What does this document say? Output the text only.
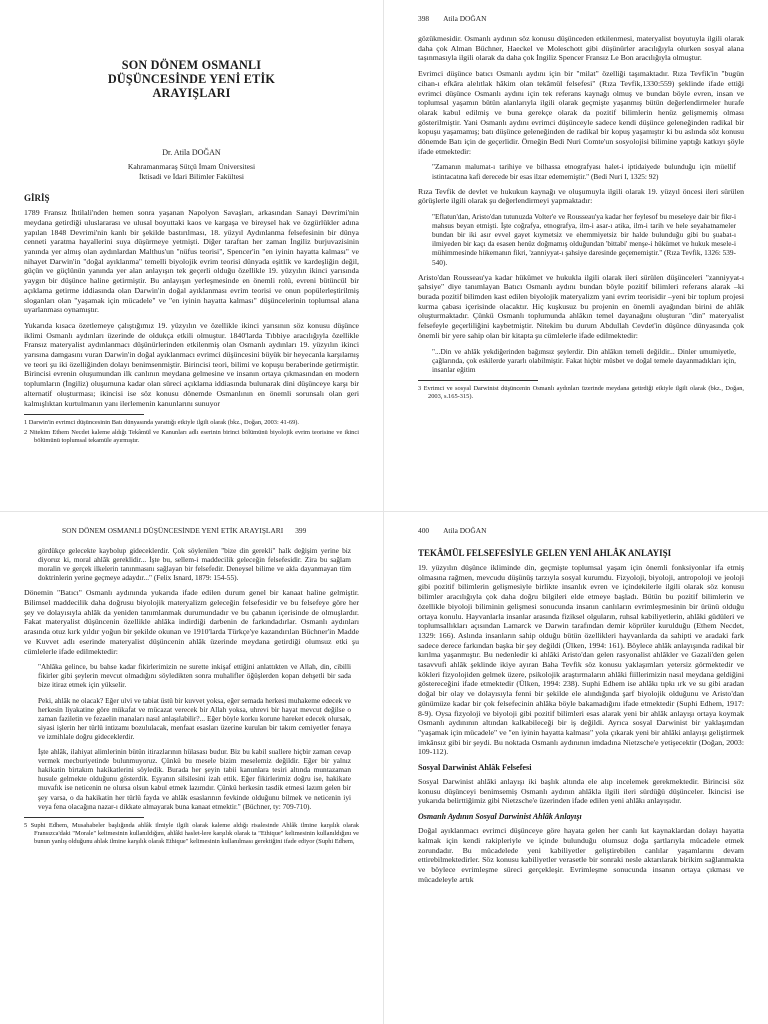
SON DÖNEM OSMANLI DÜŞÜNCESİNDE YENİ ETİK ARAYIŞLARI
Dr. Atila DOĞAN
Kahramanmaraş Sütçü İmam Üniversitesi
İktisadi ve İdari Bilimler Fakültesi
GİRİŞ

1789 Fransız İhtilali'nden hemen sonra yaşanan Napolyon Savaşları, arkasından Sanayi Devrimi'nin meydana getirdiği uluslararası ve ulusal boyuttaki kaos ve kargaşa ve bireysel hak ve özgürlükler adına yapılan 1848 Devrimi'nin kanlı bir şekilde bastırılması, 18. yüzyıl Aydınlanma felsefesinin bir dünya cenneti yaratma hayallerini suya düşürmeye yetmişti. Diğer taraftan her zaman İngiliz burjuvazisinin yanında yer almış olan aydınlardan Malthus'un "nüfus teorisi", Spencer'in "en iyinin hayatta kalması" ve nihayet Darwin'in "doğal ayıklanma" temelli biyolojik evrim teorisi dünyada eşitlik ve kardeşliğin değil, güçün ve güçlünün yanında yer alan anlayışın tek geçerli olduğu özellikle 19. yüzyılın ikinci yarısında yaygın bir düşünce haline getirmiştir. Bu anlayışın yerleşmesinde en önemli rolü, evreni bütüncül bir açıklama getirme iddiasında olan Darwin'in doğal ayıklanması evrim teorisi ve onun popülerleştirilmiş sloganları olan "yaşamak için mücadele" ve "en iyinin hayatta kalması" düşüncelerinin toplumsal alana uyarlanması oynamıştır.

Yukarıda kısaca özetlemeye çalıştığımız 19. yüzyılın ve özellikle ikinci yarısının söz konusu düşünce iklimi Osmanlı aydınları üzerinde de oldukça etkili olmuştur. 1840'larda Tıbbiye aracılığıyla özellikle Fransız materyalist aydınlanmacı düşünürlerinden etkilenmiş olan Osmanlı aydınları 19. yüzyılın ikinci yarısına damgasını vuran Darwin'in doğal ayıklanmacı evrimci düşüncesini büyük bir heyecanla karşılamış ve teori şu iki özelliğinden dolayı benimsenmiştir. Birincisi teori, bilimi ve kopuşu beraberinde getirmiştir. Birincisi evrenin oluşumundan ilk canlının meydana gelmesine ve insanın ortaya çıkmasından en modern toplumların (İngiliz) oluşumuna kadar olan süreci açıklama iddiasında bulunarak dini düşünceye karşı bir alternatif oluşturması; ikincisi ise söz konusu dönemde Osmanlının en önemli sorunsalı olan geri kalmışlıktan kurtulmanın yanı ilerlemenin kanunlarını sunuyor

1 Darwin'in evrimci düşüncesinin Batı dünyasında yarattığı etkiyle ilgili olarak (bkz., Doğan, 2003: 41-69).

2 Nitekim Ethem Necdet kaleme aldığı Tekâmül ve Kanunları adlı eserinin birinci bölümünü biyolojik evrim teorisine ve ikinci bölümünü toplumsal tekamüle ayırmıştır.

398 Atila DOĞAN

gözükmesidir. Osmanlı aydının söz konusu düşünceden etkilenmesi, materyalist boyutuyla ilgili olarak daha çok Alman Büchner, Haeckel ve Moleschott gibi düşünürler aracılığıyla olurken sosyal alana taşınmasıyla ilgili olarak da daha çok İngiliz Spencer Fransız Le Bon aracılığıyla olmuştur.

Evrimci düşünce batıcı Osmanlı aydını için bir "milat" özelliği taşımaktadır. Rıza Tevfik'in "bugün cihan-ı efkâra alelıtlak hâkim olan tekâmül felsefesi" (Rıza Tevfik,1330:559) şeklinde ifade ettiği evrimci düşünce Osmanlı aydını için tek referans kaynağı olmuş ve bundan böyle evren, insan ve toplumsal yaşamın bütün alanlarıyla ilgili olarak geçmişte yaşanmış bütün değerlendirmeler hurafe olarak kabul edilmiş ve buna gerekçe olarak da pozitif bilimlerin henüz gelişmemiş olması gösterilmiştir. Yani Osmanlı aydını evrimci düşünceyle sadece kendi düşünce geleneğinden radikal bir kopuşu yaşamamış; batı düşünce geleneğinden de radikal bir kopuş yaşamıştır ki bu aslında söz konusu dönemde Batı için de geçerlidir. Örneğin Bedi Nuri Comte'un sosyolojisi bilimine yaptığı katkıyı şöyle ifade etmektedir:

"Zamanın malumat-ı tarihiye ve bilhassa etnografyası halet-i iptidaiyede bulunduğu için müellif istintacatına kafi derecede bir esas ilzar edememiştir." (Bedi Nuri I, 1325: 92)

Rıza Tevfik de devlet ve hukukun kaynağı ve oluşumuyla ilgili olarak 19. yüzyıl öncesi ileri sürülen görüşlerle ilgili olarak şu değerlendirmeyi yapmaktadır:

"Eflatun'dan, Aristo'dan tutunuzda Volter'e ve Rousseau'ya kadar her feylesof bu meseleye dair bir fikr-i mahsus beyan etmişti. İşte coğrafya, etnografya, ilm-i asar-ı atika, ilm-i tarih ve hele seyahatnameler bundan bir iki asır evvel gayet kıymetsiz ve ehemmiyetsiz bir halde bulunduğu gibi bu şuabat-ı ilmiyeden bir kaçı da esasen henüz doğmamış olduğundan 'bittabi' menşe-i hükümet ve hukuk mesele-i mühimmesinde hükemanın fikri, 'zanniyyat-ı şahsiye daresinde geçememiştir." (Rıza Tevfik, 1326: 539-540).

Aristo'dan Rousseau'ya kadar hükümet ve hukukla ilgili olarak ileri sürülen düşünceleri "zanniyyat-ı şahsiye" diye tanımlayan Batıcı Osmanlı aydını bundan böyle pozitif bilimleri referans alarak –ki burada pozitif bilimden kast edilen biyolojik materyalizm yani evrim teorisidir –yeni bir toplum projesi kurma çabası içerisinde olacaktır. Hiç kuşkusuz bu projenin en önemli ayağından birini de ahlâk oluşturmaktadır. Çünkü Osmanlı toplumunda ahlâkın temel dayanağını oluşturan "din" materyalist felsefeyle geçerliliğini kaybetmiştir. Nitekim bu durum Abdullah Cevdet'in düşünce dünyasında çok önemli bir yere sahip olan bir kitapta şu cümlelerle ifade edilmektedir:

"...Din ve ahlâk yekdiğerinden bağımsız şeylerdir. Din ahlâkın temeli değildir... Dinler umumiyetle, çağlarında, çok eskilerde yararlı olabilmiştir. Fakat hiçbir müsbet ve doğal temele dayanmadıkları için, insanlar eğitim

3 Evrimci ve sosyal Darwinist düşüncenin Osmanlı aydınları üzerinde meydana getirdiği etkiyle ilgili olarak (bkz., Doğan, 2003, s.165-315).

SON DÖNEM OSMANLI DÜŞÜNCESİNDE YENİ ETİK ARAYIŞLARI 399

gördükçe gelecekte kaybolup gideceklerdir. Çok söylenilen "bize din gerekli" halk değişim yerine biz diyoruz ki, moral ahlâk gereklidir... İşte bu, sellem-i maddecilik geleceğin felsefesidir. Zira bu sağlam moralin ve gerçek ilkelerin tanınmasını sağlayan bir felsefedir. Deneysel bilime ve akla dayanmayan tüm doktrinlerin yerine geçmeye adaydır..." (Felix Isnard, 1879: 154-55).

Dönemin "Batıcı" Osmanlı aydınında yukarıda ifade edilen durum genel bir kanaat haline gelmiştir. Bilimsel maddecilik daha doğrusu biyolojik materyalizm geleceğin felsefesidir ve bu felsefeye göre her şey ve dolayısıyla ahlâk da yeniden tanımlanmak durumundadır ve bu çabanın içerisinde de olmuşlardır. Fakat materyalist düşüncenin özellikle ahlâka indirdiği darbenin de farkındadırlar. Osmanlı aydınları arasında otuz kırk yıldır yoğun bir şekilde okunan ve 1910'larda Türkçe'ye kazandırılan Büchner'in Madde ve Kuvvet adlı eserinde materyalist düşüncenin ahlâk üzerinde meydana getirdiği olumsuz etki şu cümlelerle ifade edilmektedir:

"Ahlâka gelince, bu bahse kadar fikirlerimizin ne surette inkişaf ettiğini anlattıkten ve Allah, din, cibilli fikirler gibi şeylerin mevcut olmadığını söyledikten sonra muhalifler öğüşlerden kopan dehşetli bir sada bize itiraz etmek için yükselir.

Peki, ahlâk ne olacak? Eğer ulvi ve tabiat üstü bir kuvvet yoksa, eğer semada herkesi muhakeme edecek ve herkesin liyakatine göre mükafat ve mücazat verecek bir Allah yoksa, uhrevi bir hayat mevcut değilse o zaman faziletin ve fezaelin manaları nasıl anlaşılabilir?... Eğer böyle korku korune hareket edecek olursak, siyasi işlerin her türlü intizamı bozululacak, menfaat esasları üzerine kurulan bir takım cemiyetler fenaya ve izmihlale doğru gideceklerdir.

İşte ahlâk, ilahiyat alimlerinin bütün itirazlarının hülasası budur. Biz bu kabil suallere hiçbir zaman cevap vermek mecburiyetinde bulunmuyoruz. Çünkü bu mesele bizim meselemiz değildir. Eğer bir yalnız hakikatin birtakım hakikatlerini söyledik. Burada her şeyin tabii kanunlara tesiri altında muntazaman husule gelmekte olduğunu gösterdik. Eşyanın silsilesini izah ettik. Eğer fikirlerimiz doğru ise, hakikate muvafık ise neticenin ne olursa olsun kabul etmek lazımdır. Çünkü herkesin tasdik etmesi lazım gelen bir şey varsa, o da hakikatin her türlü fayda ve ahlâk esaslarının fevkinde olduğunu bilmek ve neticenin iyi veya fena olacağına nazar-ı dikkate almayarak buna kanaat etmektir." (Büchner, ty: 709-710).

5 Suphi Edhem, Musahabeler başlığında ahlâk ilmiyle ilgili olarak kaleme aldığı risalesinde Ahlâk ilmine karşılık olarak Fransızca'daki "Morale" kelimesinin kullanıldığını, ahlâki haslet-lere karşılık olarak ta "Ethique" kelimesinin kullanıldığını ve bunun yanlış olduğunu ahlak ilmine karşılık olarak Ethique" kelimesinin kullanılması gerektiğini ifade ediyor (Suphi Edhem,

400 Atila DOĞAN
TEKÂMÜL FELSEFESİYLE GELEN YENİ AHLÂK ANLAYIŞI

19. yüzyılın düşünce ikliminde din, geçmişte toplumsal yaşam için önemli fonksiyonlar ifa etmiş olmasına rağmen, mevcudu düşünüş tarzıyla sosyal kurumdu. Fizyoloji, biyoloji, antropoloji ve jeoloji gibi pozitif bilimlerin gelişmesiyle birlikte insanlık evren ve içindekilerle ilgili olarak söz konusu bilimler aracılığıyla çok daha doğru bilgileri elde etmeye başladı. Bütün bu pozitif bilimlerin ve özellikle biyoloji biliminin gelişmesi sonucunda insanın canlıların evrimleşmesinin bir ürünü olduğu ortaya konulu. Hayvanlarla insanlar arasında fiziksel olguların, ruhsal kabiliyetlerin, ahlâki güdüleri ve toplumsallıkları açısından Lamarck ve Darwin tarafından demir köprüler kurulduğu (Ethem Necdet, 1329: 166). Aslında insanların sahip olduğu bütün özellikleri hayvanlarda da sahipti ve aradaki fark sadece derece farkından başka bir şey değildi (Ülken, 1994: 161). Böylece ahlâk anlayışında radikal bir kırılma yaşanmıştır. Bu nedenledir ki ahlâki Aristo'dan gelen rasyonalist ahlâkler ve Gazali'den gelen tasavvufi ahlâk şeklinde ikiye ayıran Baha Tevfik söz konusu yaklaşımları yetersiz görmektedir ve kökleri fizyolojiden gelmek üzere, psikolojik araştırmaların ahlâki fiillerimizin nasıl meydana geldiğini göstereceğini ifade etmektedir (Ülken, 1994: 238). Suphi Edhem ise ahlâkı tıpkı ırk ve su gibi aradan doğal bir olay ve dolayısıyla fenni bir şekilde ele alındığında şarf biyolojik olduğunu ve Aristo'dan günümüze kadar bir çok felsefecinin ahlâka böyle bakamadığını ifade etmektedir (Suphi Edhem, 1917: 8-9). Oysa fizyoloji ve biyoloji gibi pozitif bilimleri esas alarak yeni bir ahlâk anlayışı ortaya koymak Osmanlı aydınının altından kalkabileceği bir iş değildi. Ayrıca sosyal Darwinist bir yaklaşımdan "yaşamak için mücadele" ve "en iyinin hayatta kalması" yola çıkarak yeni bir ahlâki anlayışı geliştirmek imkânsız gibi bir şeydi. Bu noktada Osmanlı aydınının imdadına Nietzsche'e yetişecektir (Doğan, 2003: 109-112).

Sosyal Darwinist Ahlâk Felsefesi

Sosyal Darwinist ahlâki anlayışı iki başlık altında ele alıp incelemek gerekmektedir. Birincisi söz konusu düşünceyi benimsemiş Osmanlı aydının ahlâkla ilgili ileri sürdüğü düşünceler. İkincisi ise yukarıda belirttiğimiz gibi Nietzsche'e üzerinden ifade edilen yeni ahlâkı anlayışıdır.

Osmanlı Aydının Sosyal Darwinist Ahlâk Anlayışı

Doğal ayıklanmacı evrimci düşünceye göre hayata gelen her canlı kıt kaynaklardan dolayı hayatta kalmak için kendi rakipleriyle ve içinde bulunduğu olumsuz doğa şartlarıyla mücadele etmek zorundadır. Bu mücadelede yeni kabiliyetler geliştirebilen canlılar yaşamlarını devam ettirebilmektedirler. Söz konusu kabiliyetler verasetle bir sonraki nesle aktarılarak birikim sağlanmakta ve böylece evrimleşme süreci gerçekleşir. Evrimleşme sonucunda insanın ortaya çıkması ve mücadeleyle artık
